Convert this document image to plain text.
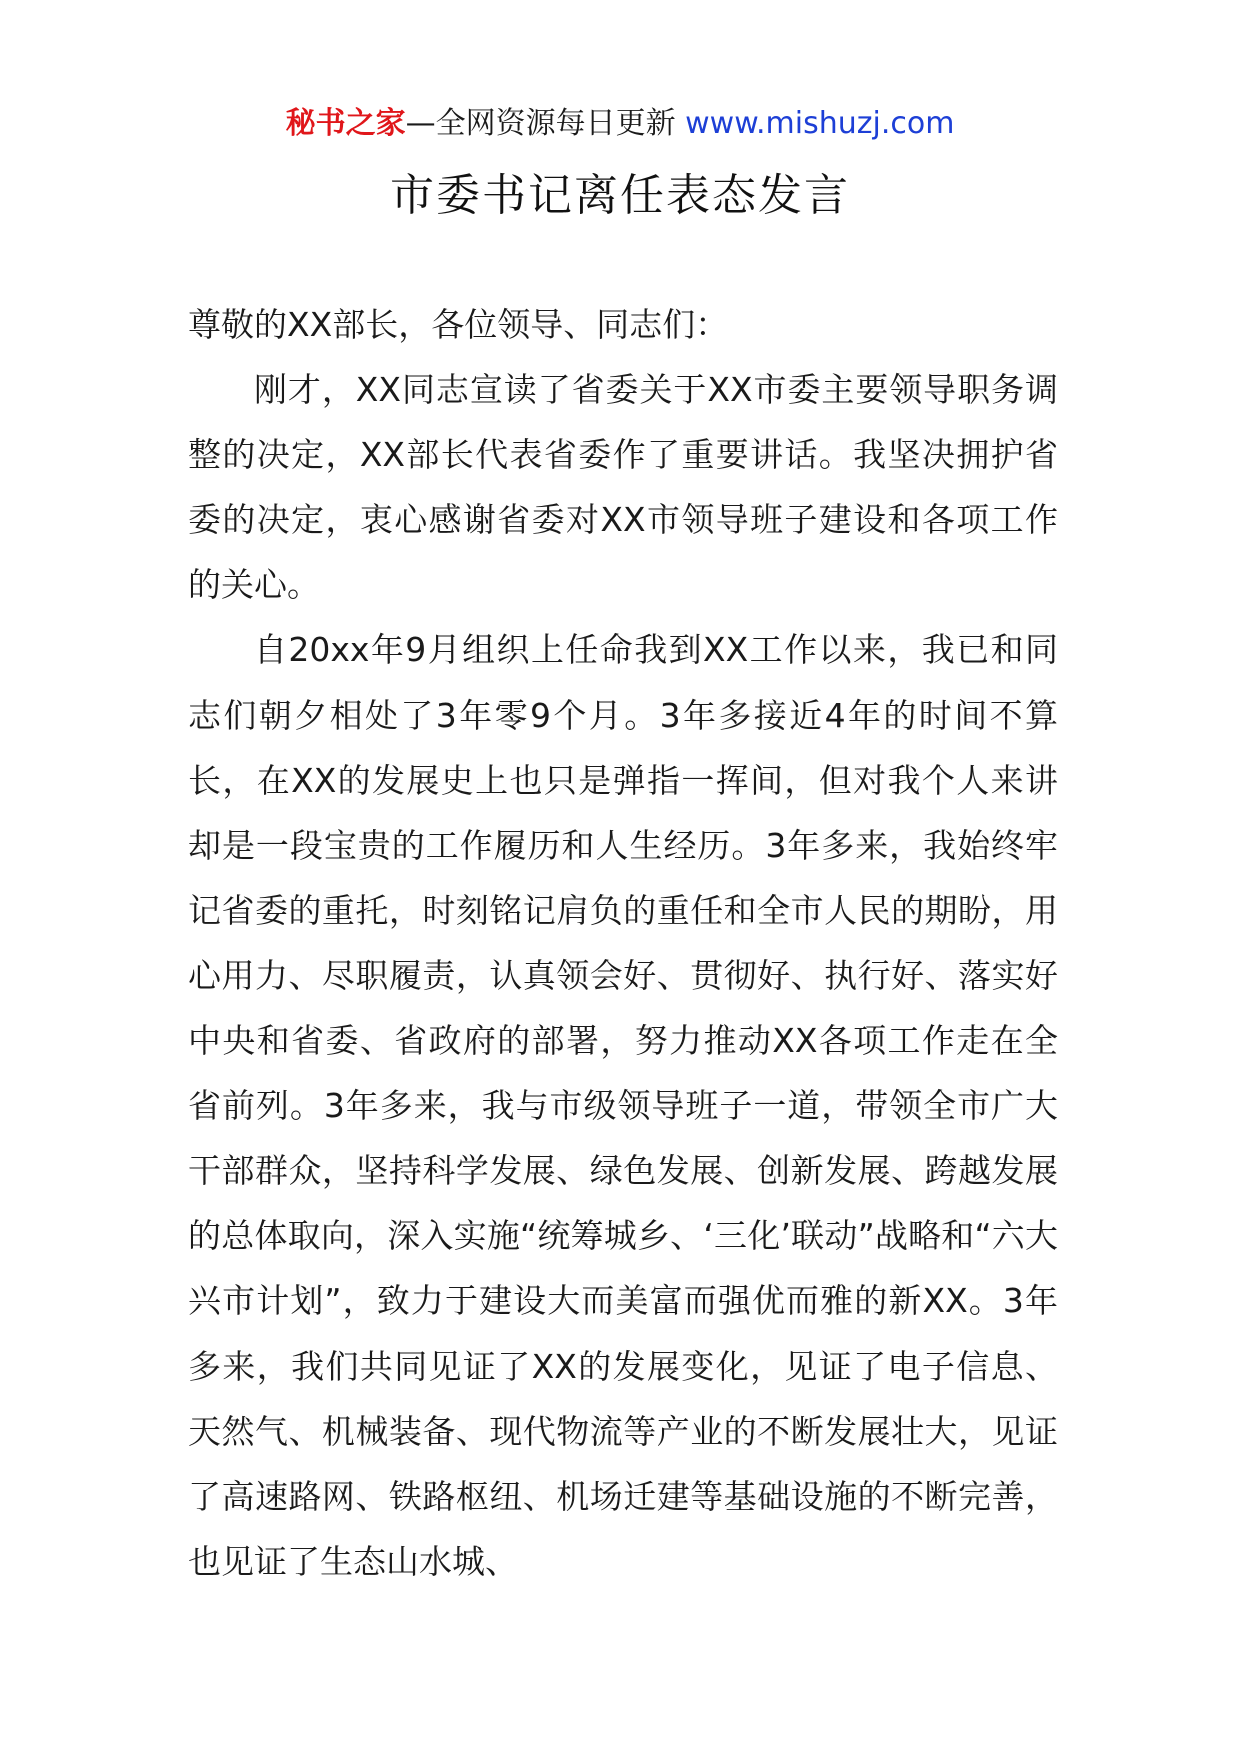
秘书之家—全网资源每日更新 www.mishuzj.com
市委书记离任表态发言

尊敬的XX部长，各位领导、同志们：

刚才，XX同志宣读了省委关于XX市委主要领导职务调整的决定，XX部长代表省委作了重要讲话。我坚决拥护省委的决定，衷心感谢省委对XX市领导班子建设和各项工作的关心。

自20xx年9月组织上任命我到XX工作以来，我已和同志们朝夕相处了3年零9个月。3年多接近4年的时间不算长，在XX的发展史上也只是弹指一挥间，但对我个人来讲却是一段宝贵的工作履历和人生经历。3年多来，我始终牢记省委的重托，时刻铭记肩负的重任和全市人民的期盼，用心用力、尽职履责，认真领会好、贯彻好、执行好、落实好中央和省委、省政府的部署，努力推动XX各项工作走在全省前列。3年多来，我与市级领导班子一道，带领全市广大干部群众，坚持科学发展、绿色发展、创新发展、跨越发展的总体取向，深入实施“统筹城乡、‘三化’联动”战略和“六大兴市计划”，致力于建设大而美富而强优而雅的新XX。3年多来，我们共同见证了XX的发展变化，见证了电子信息、天然气、机械装备、现代物流等产业的不断发展壮大，见证了高速路网、铁路枢纽、机场迁建等基础设施的不断完善，也见证了生态山水城、
